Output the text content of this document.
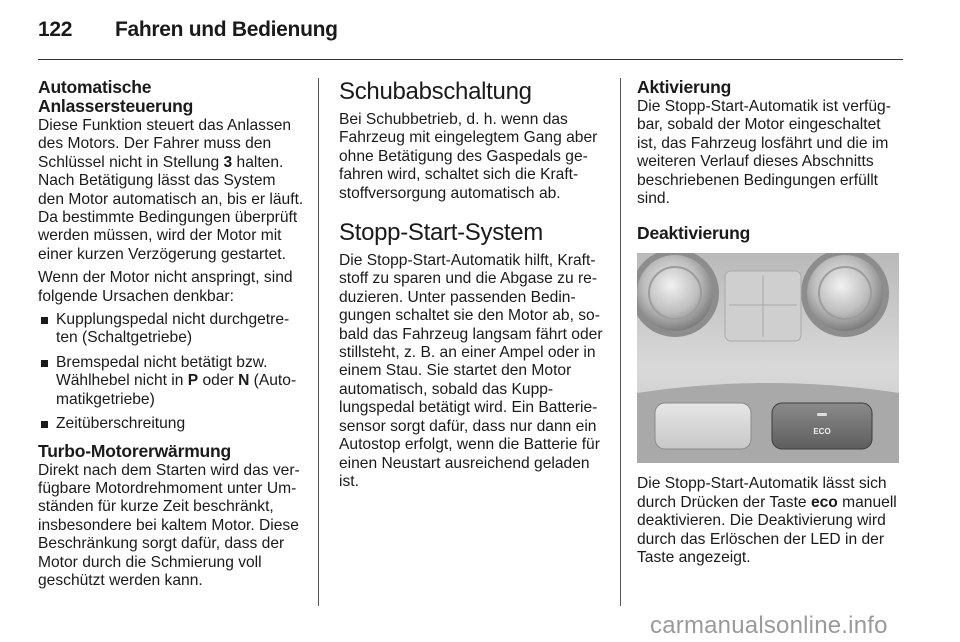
122 Fahren und Bedienung
Automatische Anlassersteuerung

Diese Funktion steuert das Anlassen des Motors. Der Fahrer muss den Schlüssel nicht in Stellung 3 halten. Nach Betätigung lässt das System den Motor automatisch an, bis er läuft. Da bestimmte Bedingungen überprüft werden müssen, wird der Motor mit einer kurzen Verzögerung gestartet.

Wenn der Motor nicht anspringt, sind folgende Ursachen denkbar:

Kupplungspedal nicht durchgetreten (Schaltgetriebe)
Bremspedal nicht betätigt bzw. Wählhebel nicht in P oder N (Automatikgetriebe)
Zeitüberschreitung
Turbo-Motorerwärmung

Direkt nach dem Starten wird das verfügbare Motordrehmoment unter Umständen für kurze Zeit beschränkt, insbesondere bei kaltem Motor. Diese Beschränkung sorgt dafür, dass der Motor durch die Schmierung voll geschützt werden kann.

Schubabschaltung

Bei Schubbetrieb, d. h. wenn das Fahrzeug mit eingelegtem Gang aber ohne Betätigung des Gaspedals gefahren wird, schaltet sich die Kraftstoffversorgung automatisch ab.

Stopp-Start-System

Die Stopp-Start-Automatik hilft, Kraftstoff zu sparen und die Abgase zu reduzieren. Unter passenden Bedingungen schaltet sie den Motor ab, sobald das Fahrzeug langsam fährt oder stillsteht, z. B. an einer Ampel oder in einem Stau. Sie startet den Motor automatisch, sobald das Kupplungspedal betätigt wird. Ein Batteriesensor sorgt dafür, dass nur dann ein Autostop erfolgt, wenn die Batterie für einen Neustart ausreichend geladen ist.

Aktivierung

Die Stopp-Start-Automatik ist verfügbar, sobald der Motor eingeschaltet ist, das Fahrzeug losfährt und die im weiteren Verlauf dieses Abschnitts beschriebenen Bedingungen erfüllt sind.

Deaktivierung
ECO

Die Stopp-Start-Automatik lässt sich durch Drücken der Taste eco manuell deaktivieren. Die Deaktivierung wird durch das Erlöschen der LED in der Taste angezeigt.

carmanualsonline.info
